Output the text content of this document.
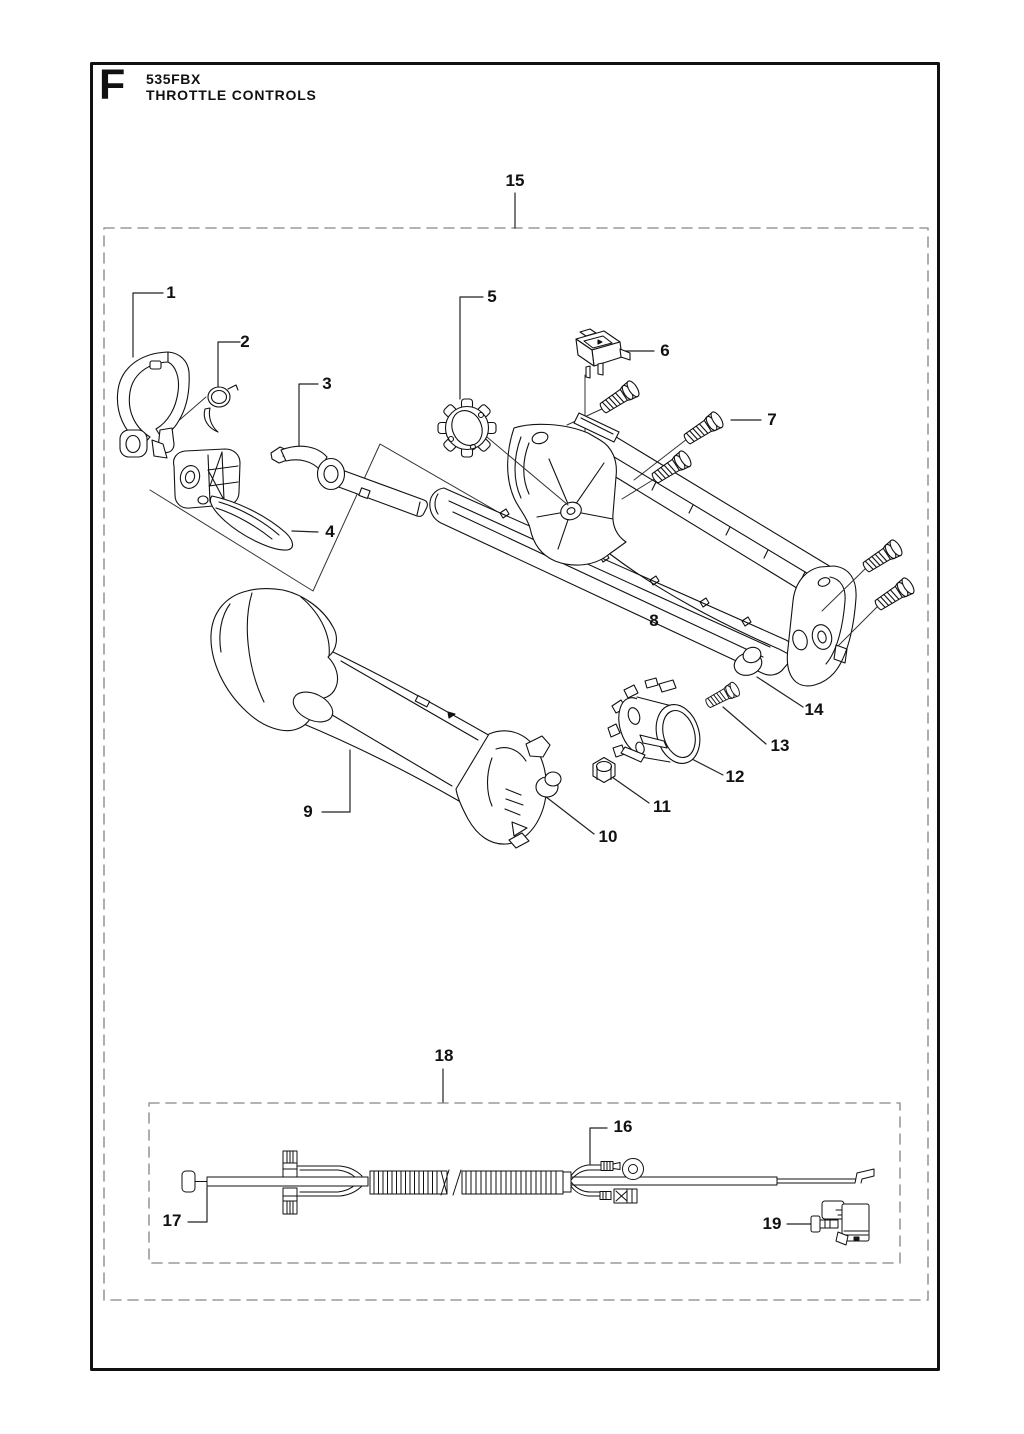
F 535FBX
THROTTLE CONTROLS
1
2
3
4
5
6
7
8
9
10
11
12
13
14
15
16
17
18
19
